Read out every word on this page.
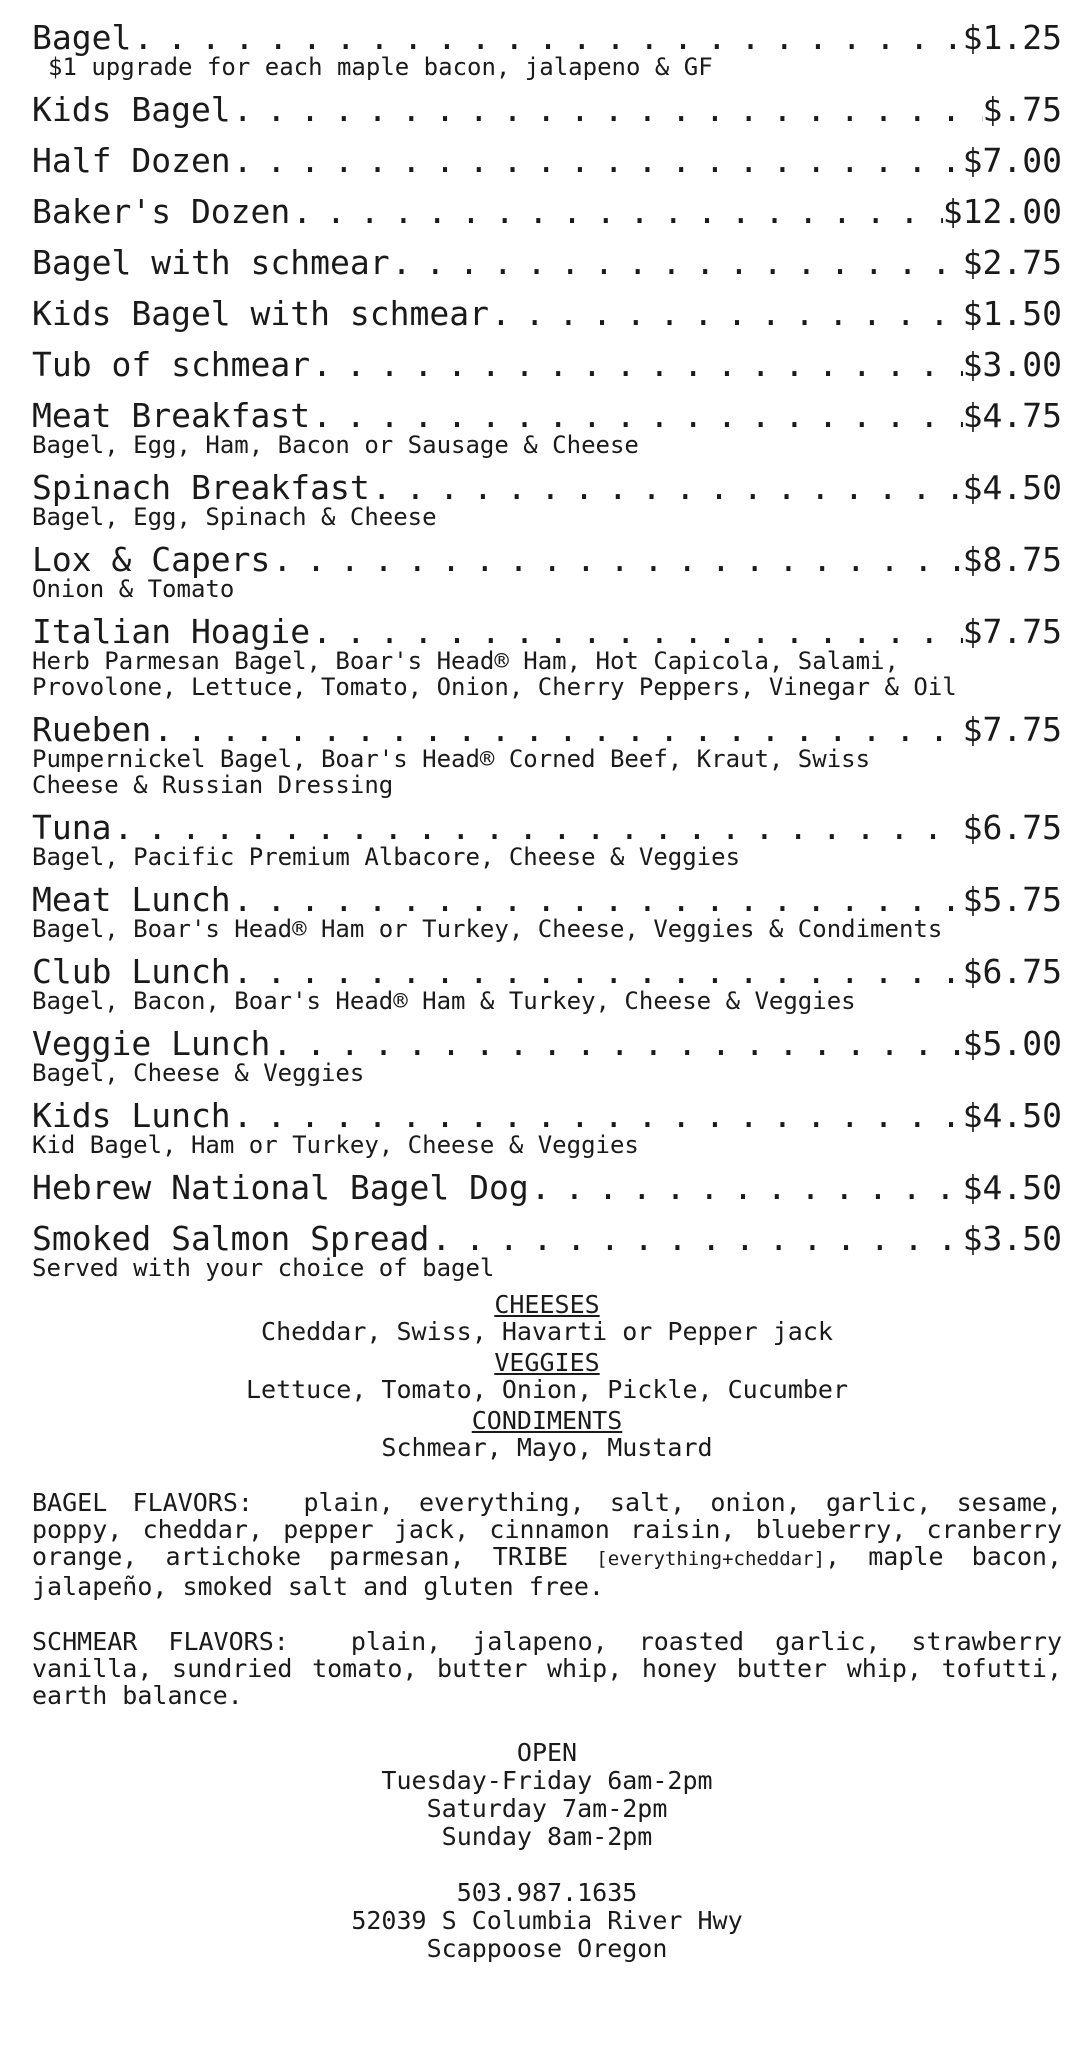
Bagel . . .	$1.25
$1 upgrade for each maple bacon, jalapeno & GF
Kids Bagel . . .	$.75
Half Dozen . . .	$7.00
Baker's Dozen . . .	$12.00
Bagel with schmear . . .	$2.75
Kids Bagel with schmear . . .	$1.50
Tub of schmear . . .	$3.00
Meat Breakfast . . .	$4.75
Bagel, Egg, Ham, Bacon or Sausage & Cheese
Spinach Breakfast . . .	$4.50
Bagel, Egg, Spinach & Cheese
Lox & Capers . . .	$8.75
Onion & Tomato
Italian Hoagie . . .	$7.75
Herb Parmesan Bagel, Boar's Head® Ham, Hot Capicola, Salami,
Provolone, Lettuce, Tomato, Onion, Cherry Peppers, Vinegar & Oil
Rueben . . .	$7.75
Pumpernickel Bagel, Boar's Head® Corned Beef, Kraut, Swiss
Cheese & Russian Dressing
Tuna . . .	$6.75
Bagel, Pacific Premium Albacore, Cheese & Veggies
Meat Lunch . . .	$5.75
Bagel, Boar's Head® Ham or Turkey, Cheese, Veggies & Condiments
Club Lunch . . .	$6.75
Bagel, Bacon, Boar's Head® Ham & Turkey, Cheese & Veggies
Veggie Lunch . . .	$5.00
Bagel, Cheese & Veggies
Kids Lunch . . .	$4.50
Kid Bagel, Ham or Turkey, Cheese & Veggies
Hebrew National Bagel Dog . . .	$4.50
Smoked Salmon Spread . . .	$3.50
Served with your choice of bagel
CHEESES
Cheddar, Swiss, Havarti or Pepper jack
VEGGIES
Lettuce, Tomato, Onion, Pickle, Cucumber
CONDIMENTS
Schmear, Mayo, Mustard
BAGEL FLAVORS: plain, everything, salt, onion, garlic, sesame, poppy, cheddar, pepper jack, cinnamon raisin, blueberry, cranberry orange, artichoke parmesan, TRIBE [everything+cheddar], maple bacon, jalapeño, smoked salt and gluten free.
SCHMEAR FLAVORS: plain, jalapeno, roasted garlic, strawberry vanilla, sundried tomato, butter whip, honey butter whip, tofutti, earth balance.
OPEN
Tuesday-Friday 6am-2pm
Saturday 7am-2pm
Sunday 8am-2pm
503.987.1635
52039 S Columbia River Hwy
Scappoose Oregon
